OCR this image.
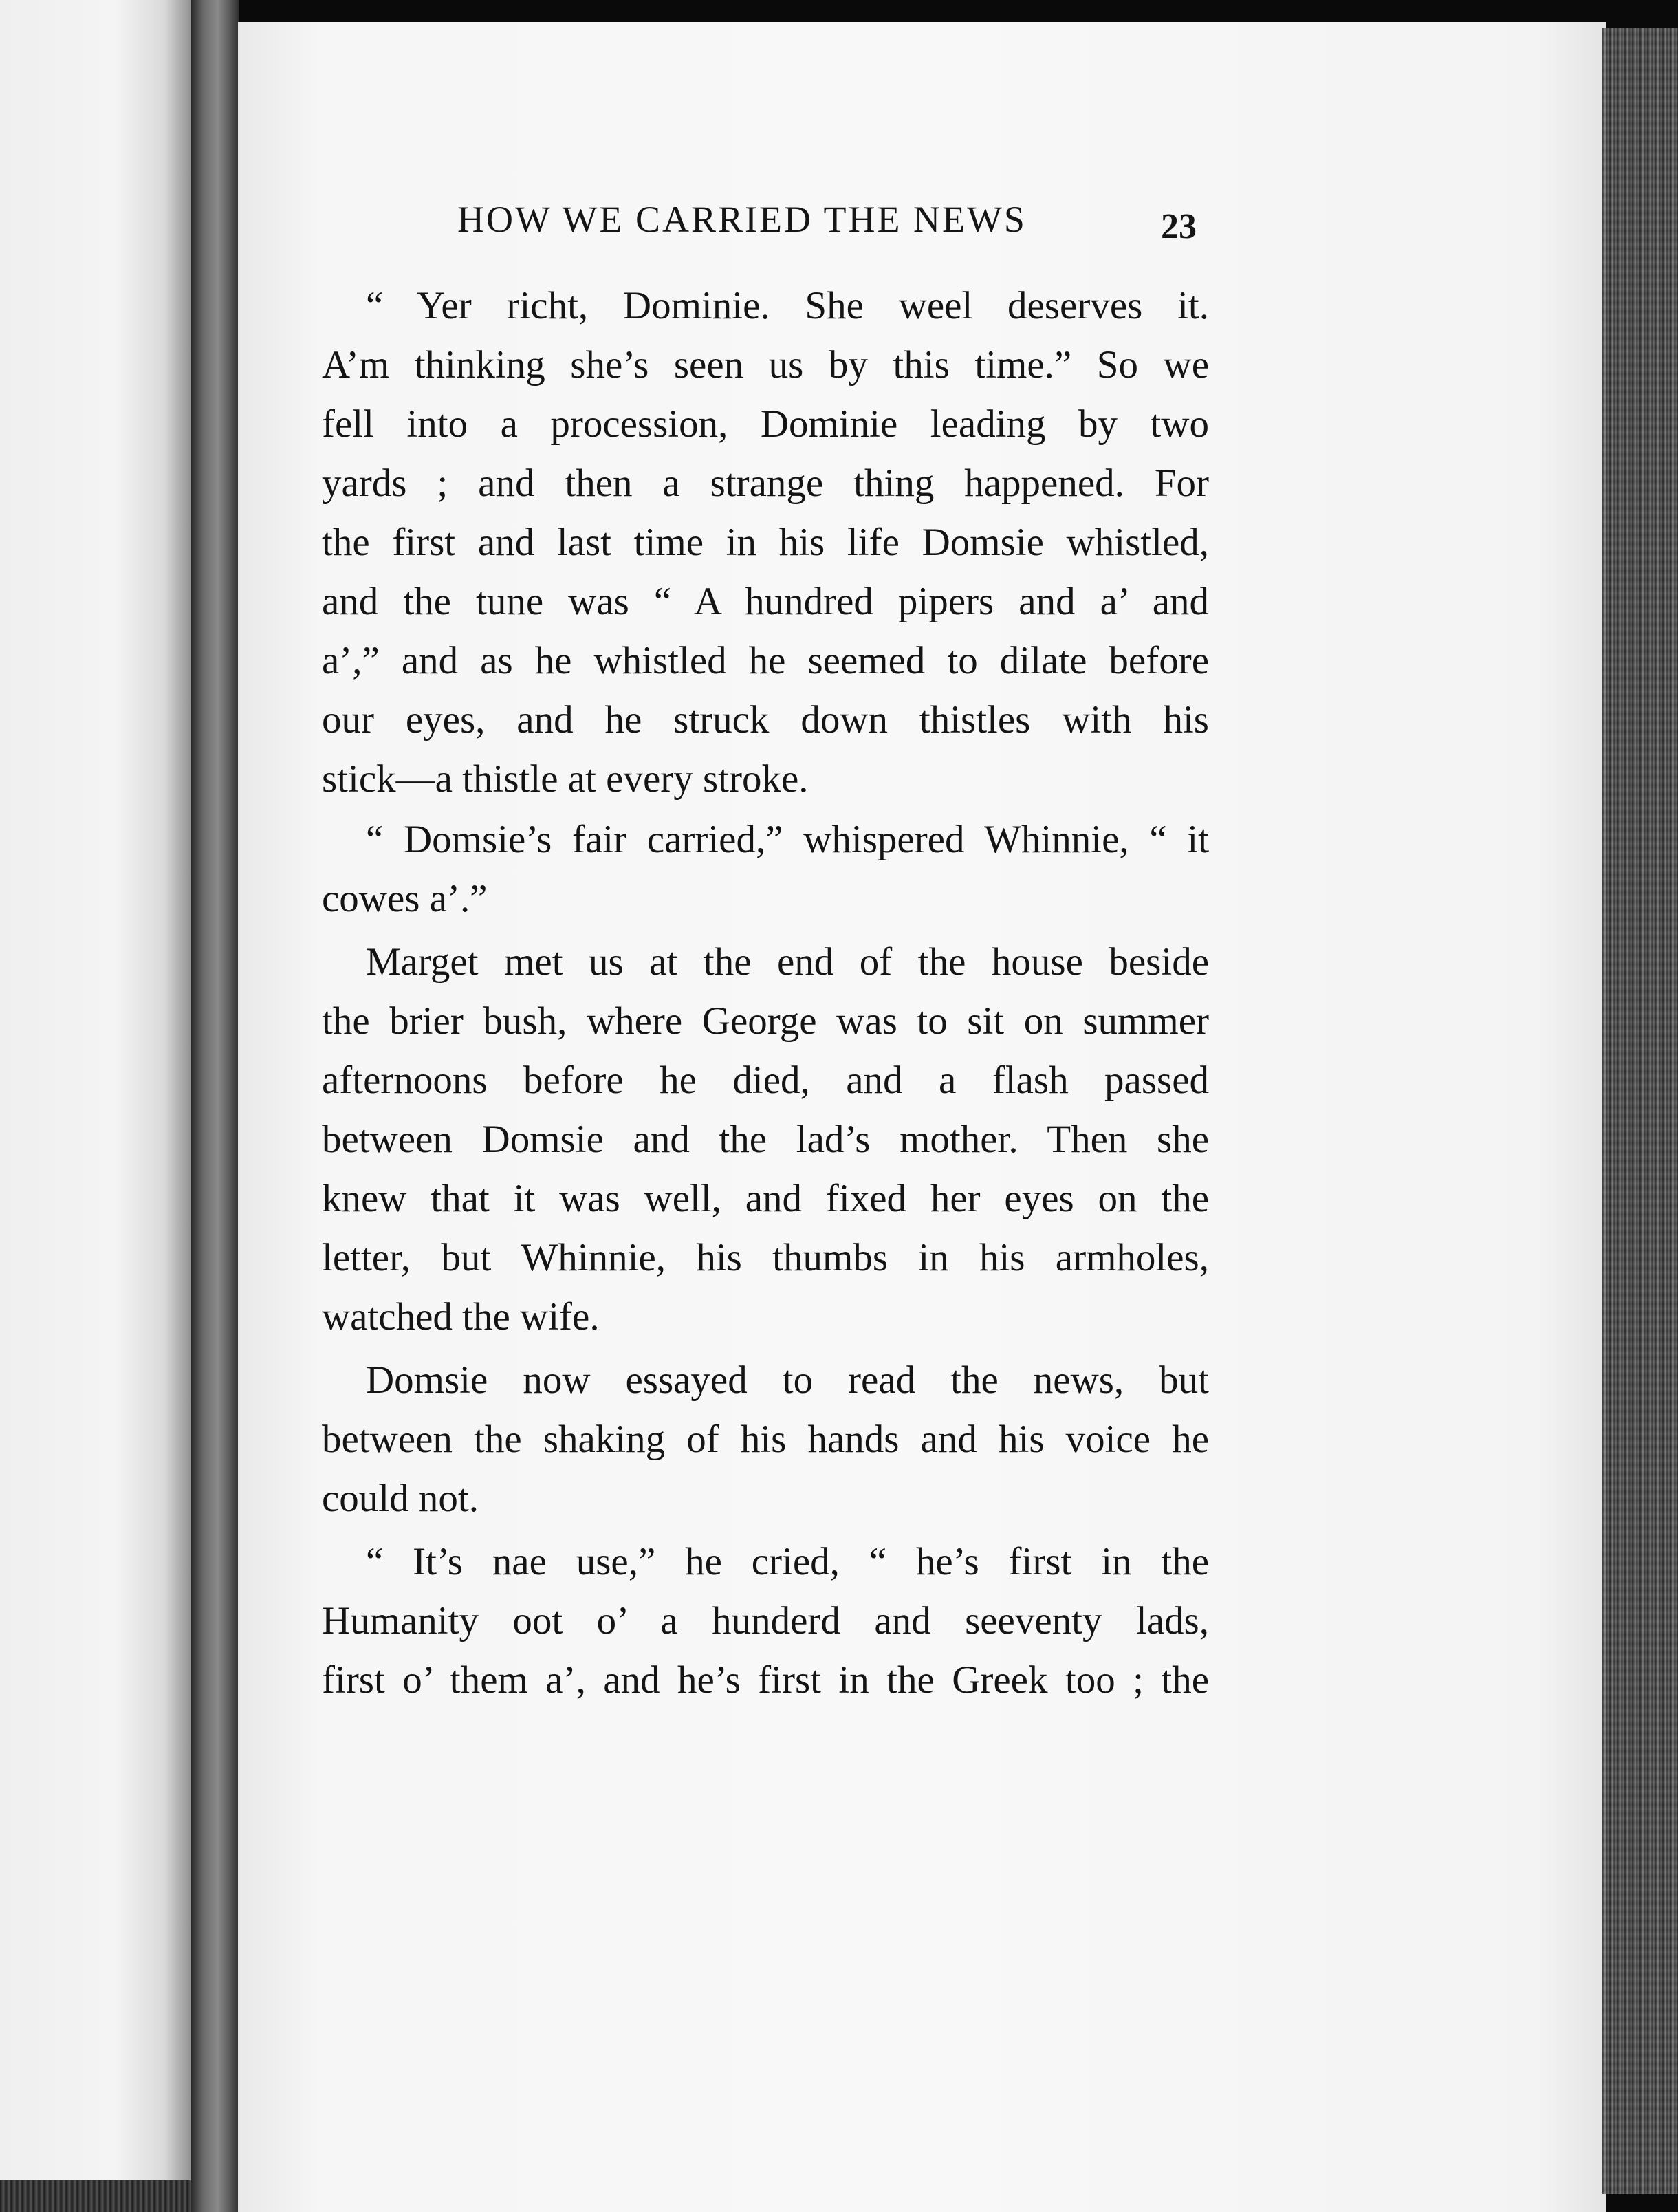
HOW WE CARRIED THE NEWS	23
“ Yer richt, Dominie. She weel deserves it.
A’m thinking she’s seen us by this time.” So we
fell into a procession, Dominie leading by two
yards ; and then a strange thing happened. For
the first and last time in his life Domsie whistled,
and the tune was “ A hundred pipers and a’ and
a’,” and as he whistled he seemed to dilate before
our eyes, and he struck down thistles with his
stick—a thistle at every stroke.
“ Domsie’s fair carried,” whispered Whinnie, “ it
cowes a’.”
Marget met us at the end of the house beside
the brier bush, where George was to sit on summer
afternoons before he died, and a flash passed
between Domsie and the lad’s mother. Then she
knew that it was well, and fixed her eyes on the
letter, but Whinnie, his thumbs in his armholes,
watched the wife.
Domsie now essayed to read the news, but
between the shaking of his hands and his voice he
could not.
“ It’s nae use,” he cried, “ he’s first in the
Humanity oot o’ a hunderd and seeventy lads,
first o’ them a’, and he’s first in the Greek too ; the
